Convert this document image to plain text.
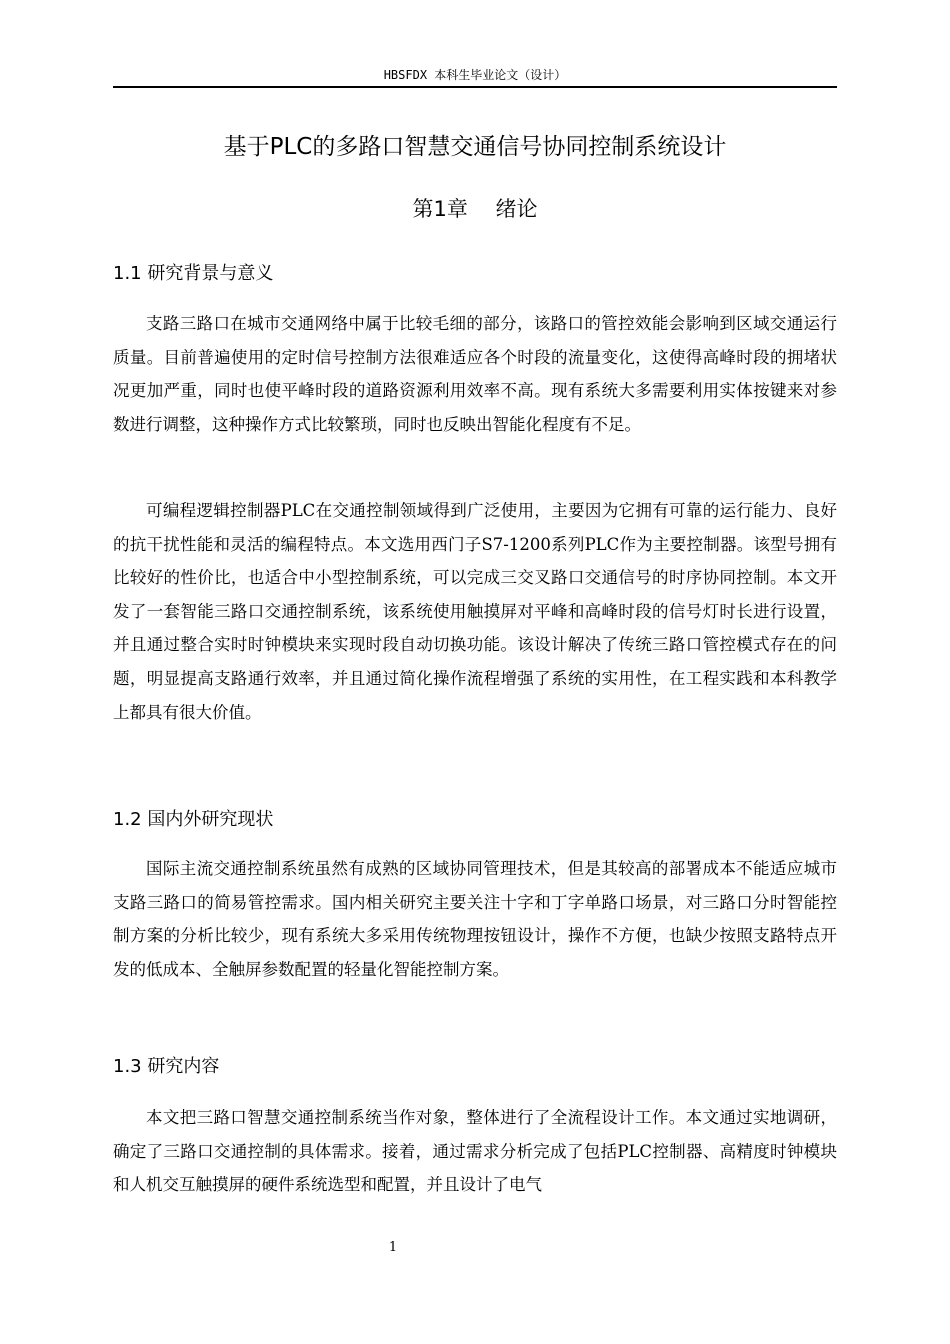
HBSFDX 本科生毕业论文（设计）
基于PLC的多路口智慧交通信号协同控制系统设计
第1章　 绪论
1.1 研究背景与意义

支路三路口在城市交通网络中属于比较毛细的部分，该路口的管控效能会影响到区域交通运行质量。目前普遍使用的定时信号控制方法很难适应各个时段的流量变化，这使得高峰时段的拥堵状况更加严重，同时也使平峰时段的道路资源利用效率不高。现有系统大多需要利用实体按键来对参数进行调整，这种操作方式比较繁琐，同时也反映出智能化程度有不足。

可编程逻辑控制器PLC在交通控制领域得到广泛使用，主要因为它拥有可靠的运行能力、良好的抗干扰性能和灵活的编程特点。本文选用西门子S7-1200系列PLC作为主要控制器。该型号拥有比较好的性价比，也适合中小型控制系统，可以完成三交叉路口交通信号的时序协同控制。本文开发了一套智能三路口交通控制系统，该系统使用触摸屏对平峰和高峰时段的信号灯时长进行设置，并且通过整合实时时钟模块来实现时段自动切换功能。该设计解决了传统三路口管控模式存在的问题，明显提高支路通行效率，并且通过简化操作流程增强了系统的实用性，在工程实践和本科教学上都具有很大价值。

1.2 国内外研究现状

国际主流交通控制系统虽然有成熟的区域协同管理技术，但是其较高的部署成本不能适应城市支路三路口的简易管控需求。国内相关研究主要关注十字和丁字单路口场景，对三路口分时智能控制方案的分析比较少，现有系统大多采用传统物理按钮设计，操作不方便，也缺少按照支路特点开发的低成本、全触屏参数配置的轻量化智能控制方案。

1.3 研究内容

本文把三路口智慧交通控制系统当作对象，整体进行了全流程设计工作。本文通过实地调研，确定了三路口交通控制的具体需求。接着，通过需求分析完成了包括PLC控制器、高精度时钟模块和人机交互触摸屏的硬件系统选型和配置，并且设计了电气

1
